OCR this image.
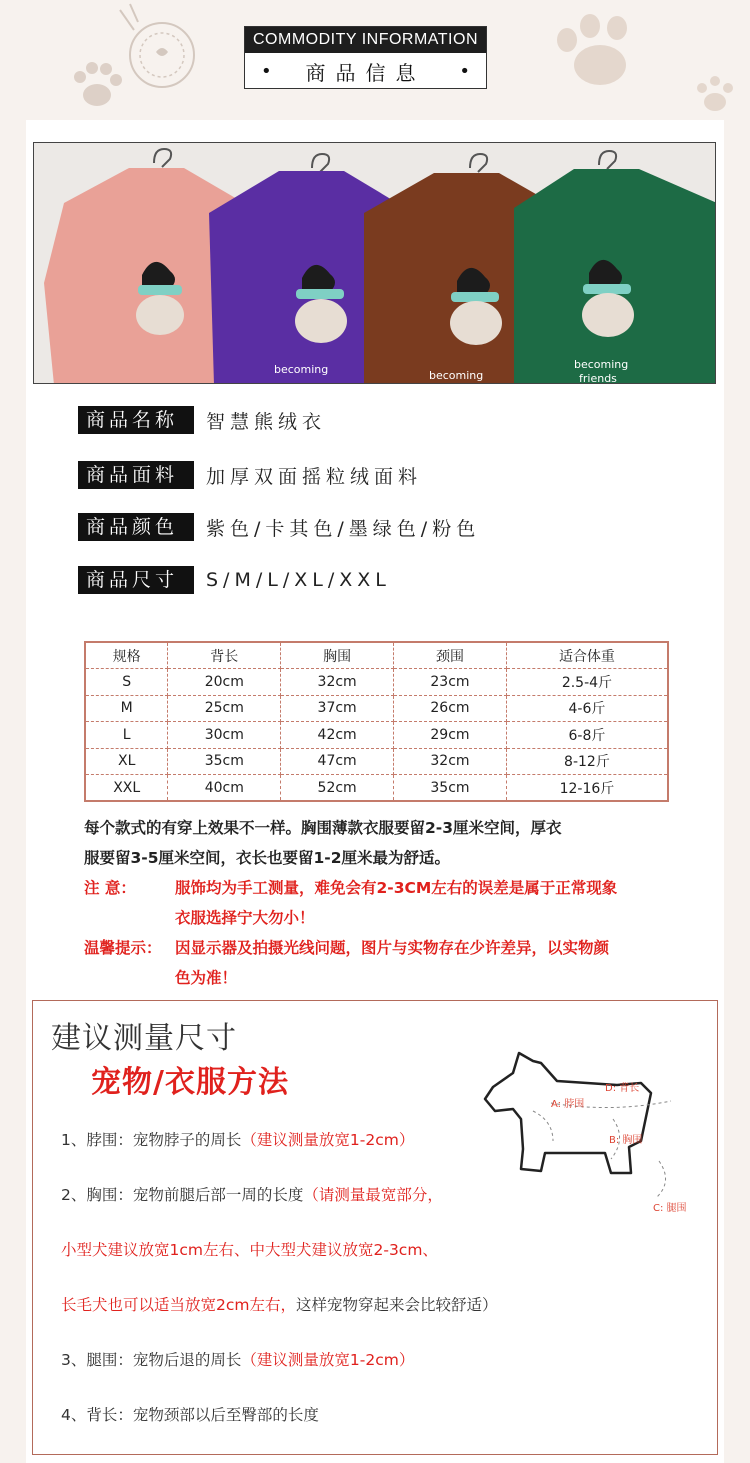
COMMODITY INFORMATION
• 商品信息 •
becoming	becoming
becoming
friends
商品名称	智慧熊绒衣
商品面料	加厚双面摇粒绒面料
商品颜色	紫色/卡其色/墨绿色/粉色
商品尺寸	S/M/L/XL/XXL
规格	背长	胸围	颈围	适合体重
S	20cm	32cm	23cm	2.5-4斤
M	25cm	37cm	26cm	4-6斤
L	30cm	42cm	29cm	6-8斤
XL	35cm	47cm	32cm	8-12斤
XXL	40cm	52cm	35cm	12-16斤
每个款式的有穿上效果不一样。胸围薄款衣服要留2-3厘米空间，厚衣
服要留3-5厘米空间，衣长也要留1-2厘米最为舒适。
注 意：	服饰均为手工测量，难免会有2-3CM左右的误差是属于正常现象
衣服选择宁大勿小！
温馨提示： 因显示器及拍摄光线问题，图片与实物存在少许差异，以实物颜
色为准！
建议测量尺寸
宠物/衣服方法
A: 脖围
D: 背长
B: 胸围
C: 腿围
1、脖围：宠物脖子的周长（建议测量放宽1-2cm）
2、胸围：宠物前腿后部一周的长度（请测量最宽部分，
小型犬建议放宽1cm左右、中大型犬建议放宽2-3cm、
长毛犬也可以适当放宽2cm左右，这样宠物穿起来会比较舒适）
3、腿围：宠物后退的周长（建议测量放宽1-2cm）
4、背长：宠物颈部以后至臀部的长度
